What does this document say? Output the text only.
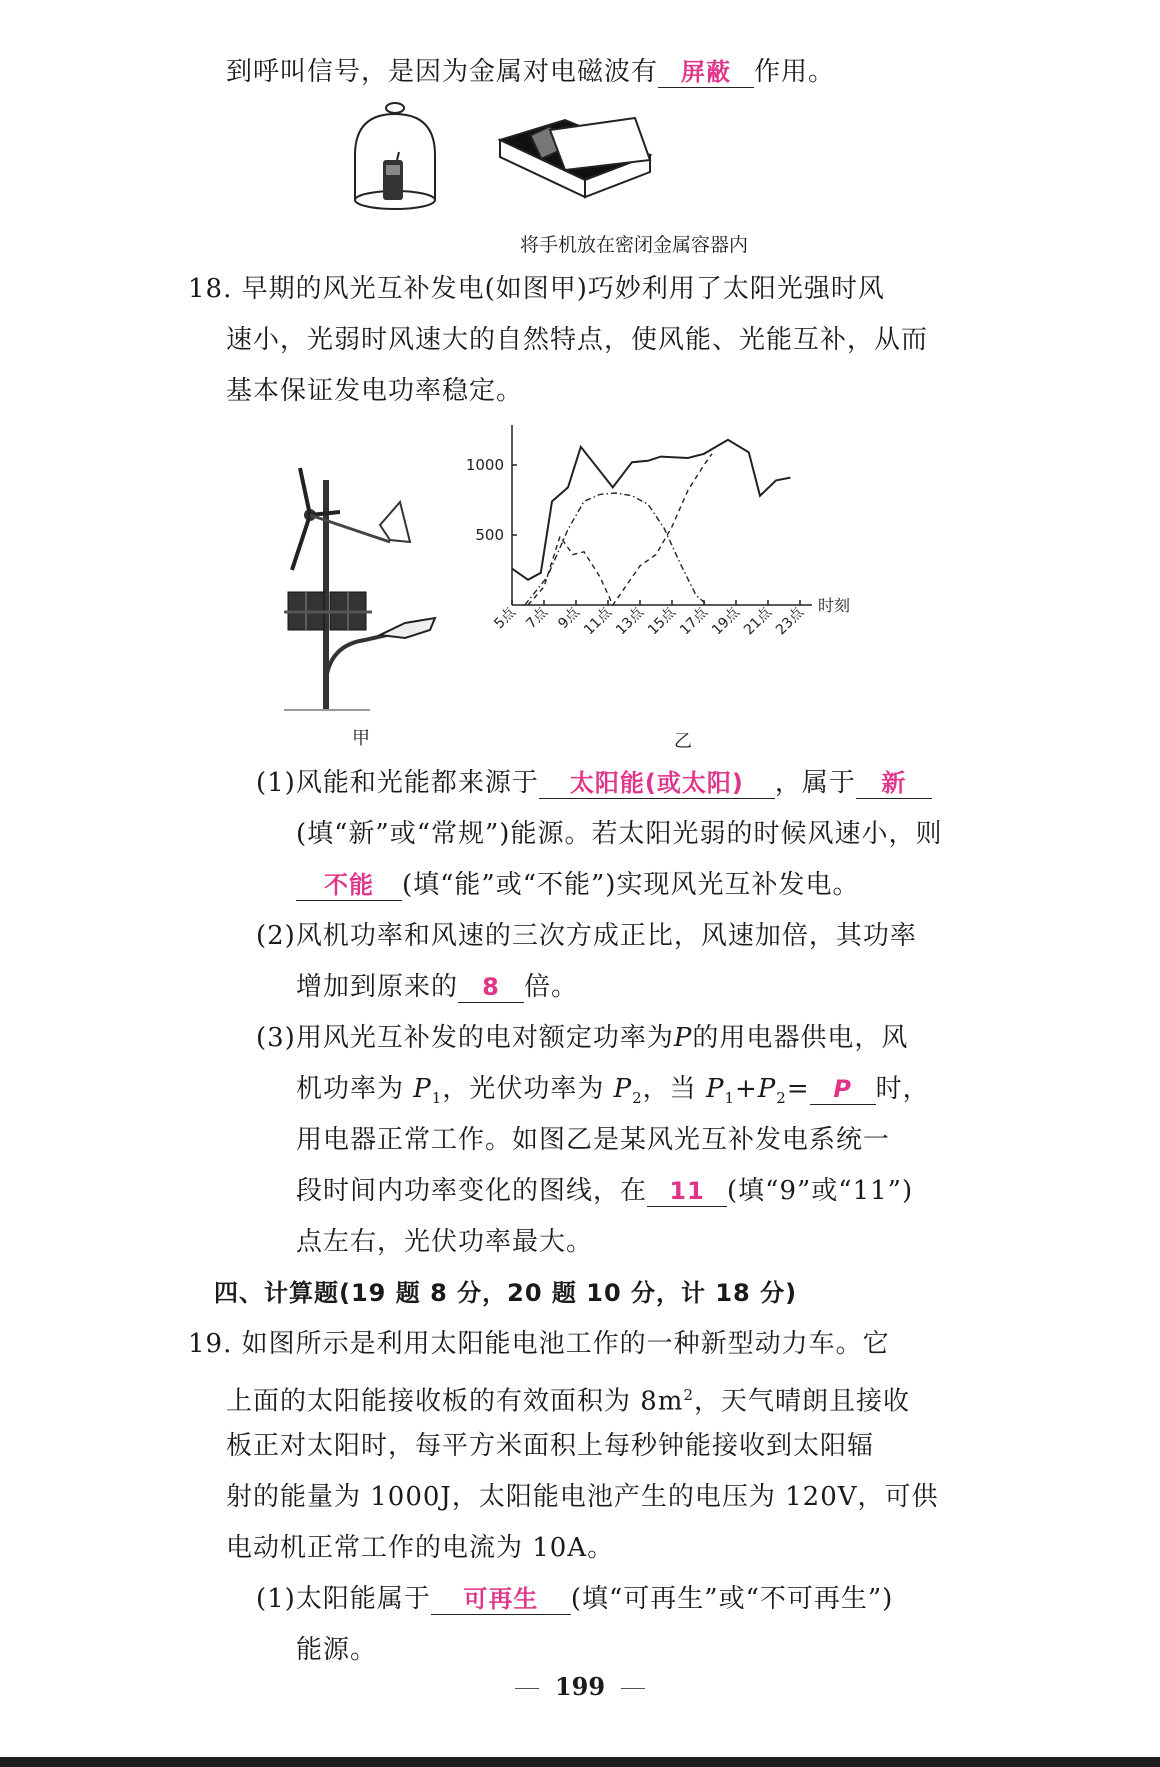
到呼叫信号，是因为金属对电磁波有 屏蔽 作用。
将手机放在密闭金属容器内
18. 早期的风光互补发电(如图甲)巧妙利用了太阳光强时风
速小，光弱时风速大的自然特点，使风能、光能互补，从而
基本保证发电功率稳定。
甲
时刻
500
1000
5点 7点 9点
11点
13点
15点
17点
19点
21点
23点
乙
(1)风能和光能都来源于 太阳能(或太阳) ，属于 新
(填“新”或“常规”)能源。若太阳光弱的时候风速小，则
不能 (填“能”或“不能”)实现风光互补发电。
(2)风机功率和风速的三次方成正比，风速加倍，其功率
增加到原来的 8 倍。
(3)用风光互补发的电对额定功率为P的用电器供电，风
机功率为 $P_1$，光伏功率为 $P_2$，当 $P_1+P_2= P$ 时，
用电器正常工作。如图乙是某风光互补发电系统一
段时间内功率变化的图线，在 11 (填“9”或“11”)
点左右，光伏功率最大。
四、计算题(19 题 8 分，20 题 10 分，计 18 分)
19. 如图所示是利用太阳能电池工作的一种新型动力车。它
上面的太阳能接收板的有效面积为 $8m^2$，天气晴朗且接收
板正对太阳时，每平方米面积上每秒钟能接收到太阳辐
射的能量为 1000J，太阳能电池产生的电压为 120V，可供
电动机正常工作的电流为 10A。
(1)太阳能属于 可再生 (填“可再生”或“不可再生”)
能源。
199
